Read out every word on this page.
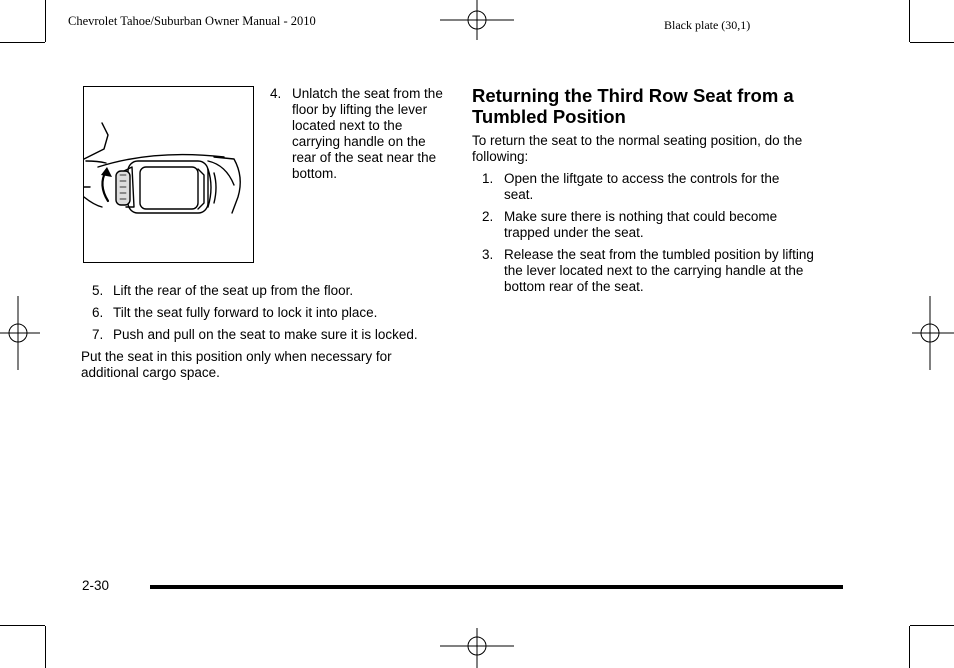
Chevrolet Tahoe/Suburban Owner Manual - 2010	Black plate (30,1)
4. Unlatch the seat from the floor by lifting the lever located next to the carrying handle on the rear of the seat near the bottom.
5. Lift the rear of the seat up from the floor.
6. Tilt the seat fully forward to lock it into place.
7. Push and pull on the seat to make sure it is locked.
Put the seat in this position only when necessary for additional cargo space.
Returning the Third Row Seat from a Tumbled Position
To return the seat to the normal seating position, do the following:
1. Open the liftgate to access the controls for the seat.
2. Make sure there is nothing that could become trapped under the seat.
3. Release the seat from the tumbled position by lifting the lever located next to the carrying handle at the bottom rear of the seat.
2-30
